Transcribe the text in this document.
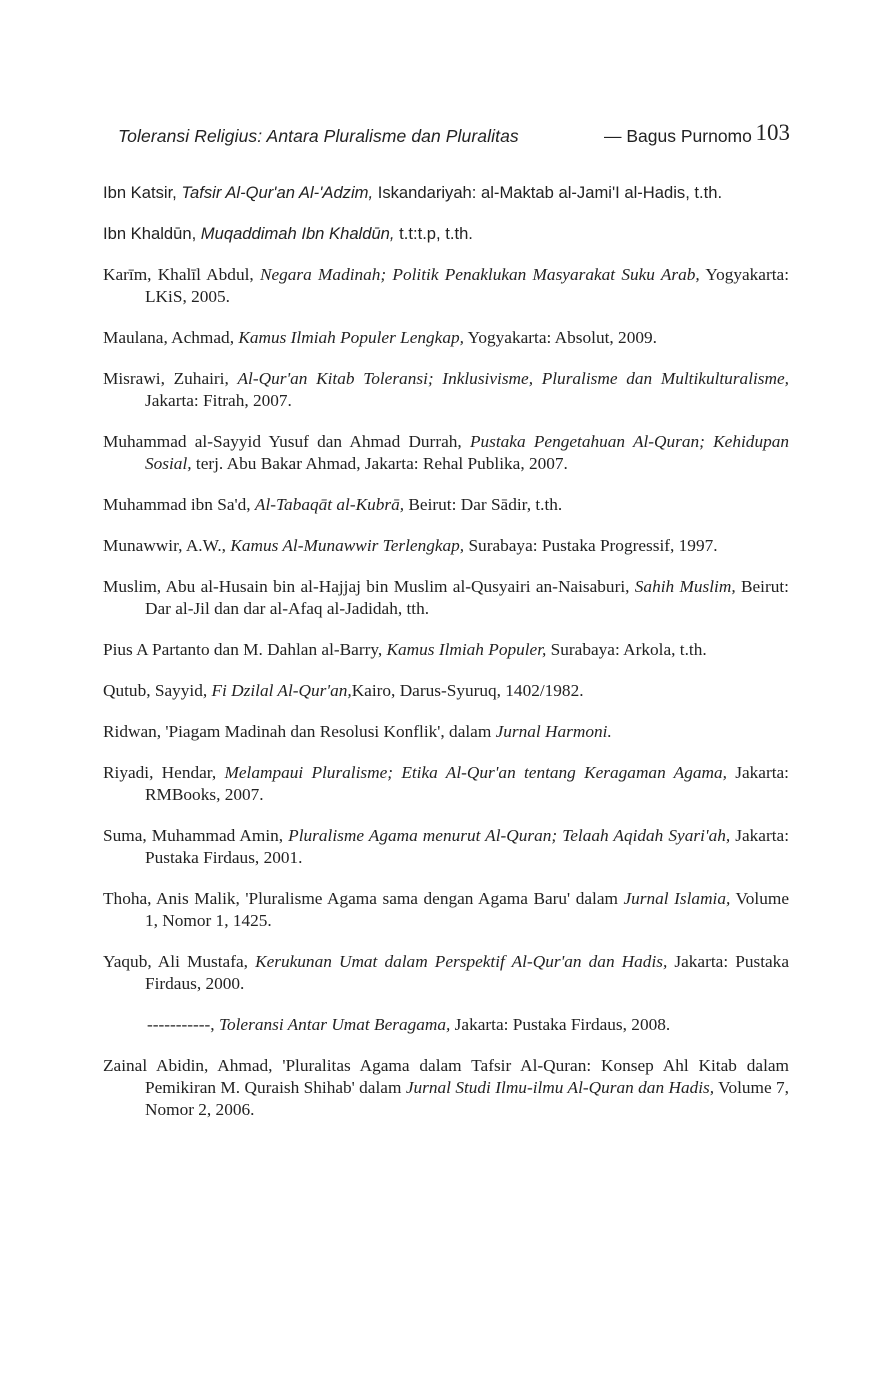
Toleransi Religius: Antara Pluralisme dan Pluralitas	— Bagus Purnomo 103

Ibn Katsir, Tafsir Al-Qur'an Al-'Adzim, Iskandariyah: al-Maktab al-Jami'I al-Hadis, t.th.

Ibn Khaldūn, Muqaddimah Ibn Khaldūn, t.t:t.p, t.th.

Karīm, Khalīl Abdul, Negara Madinah; Politik Penaklukan Masyarakat Suku Arab, Yogyakarta: LKiS, 2005.

Maulana, Achmad, Kamus Ilmiah Populer Lengkap, Yogyakarta: Absolut, 2009.

Misrawi, Zuhairi, Al-Qur'an Kitab Toleransi; Inklusivisme, Pluralisme dan Multikulturalisme, Jakarta: Fitrah, 2007.

Muhammad al-Sayyid Yusuf dan Ahmad Durrah, Pustaka Pengetahuan Al-Quran; Kehidupan Sosial, terj. Abu Bakar Ahmad, Jakarta: Rehal Publika, 2007.

Muhammad ibn Sa'd, Al-Tabaqāt al-Kubrā, Beirut: Dar Sādir, t.th.

Munawwir, A.W., Kamus Al-Munawwir Terlengkap, Surabaya: Pustaka Progressif, 1997.

Muslim, Abu al-Husain bin al-Hajjaj bin Muslim al-Qusyairi an-Naisaburi, Sahih Muslim, Beirut: Dar al-Jil dan dar al-Afaq al-Jadidah, tth.

Pius A Partanto dan M. Dahlan al-Barry, Kamus Ilmiah Populer, Surabaya: Arkola, t.th.

Qutub, Sayyid, Fi Dzilal Al-Qur'an,Kairo, Darus-Syuruq, 1402/1982.

Ridwan, 'Piagam Madinah dan Resolusi Konflik', dalam Jurnal Harmoni.

Riyadi, Hendar, Melampaui Pluralisme; Etika Al-Qur'an tentang Keragaman Agama, Jakarta: RMBooks, 2007.

Suma, Muhammad Amin, Pluralisme Agama menurut Al-Quran; Telaah Aqidah Syari'ah, Jakarta: Pustaka Firdaus, 2001.

Thoha, Anis Malik, 'Pluralisme Agama sama dengan Agama Baru' dalam Jurnal Islamia, Volume 1, Nomor 1, 1425.

Yaqub, Ali Mustafa, Kerukunan Umat dalam Perspektif Al-Qur'an dan Hadis, Jakarta: Pustaka Firdaus, 2000.

-----------, Toleransi Antar Umat Beragama, Jakarta: Pustaka Firdaus, 2008.

Zainal Abidin, Ahmad, 'Pluralitas Agama dalam Tafsir Al-Quran: Konsep Ahl Kitab dalam Pemikiran M. Quraish Shihab' dalam Jurnal Studi Ilmu-ilmu Al-Quran dan Hadis, Volume 7, Nomor 2, 2006.
